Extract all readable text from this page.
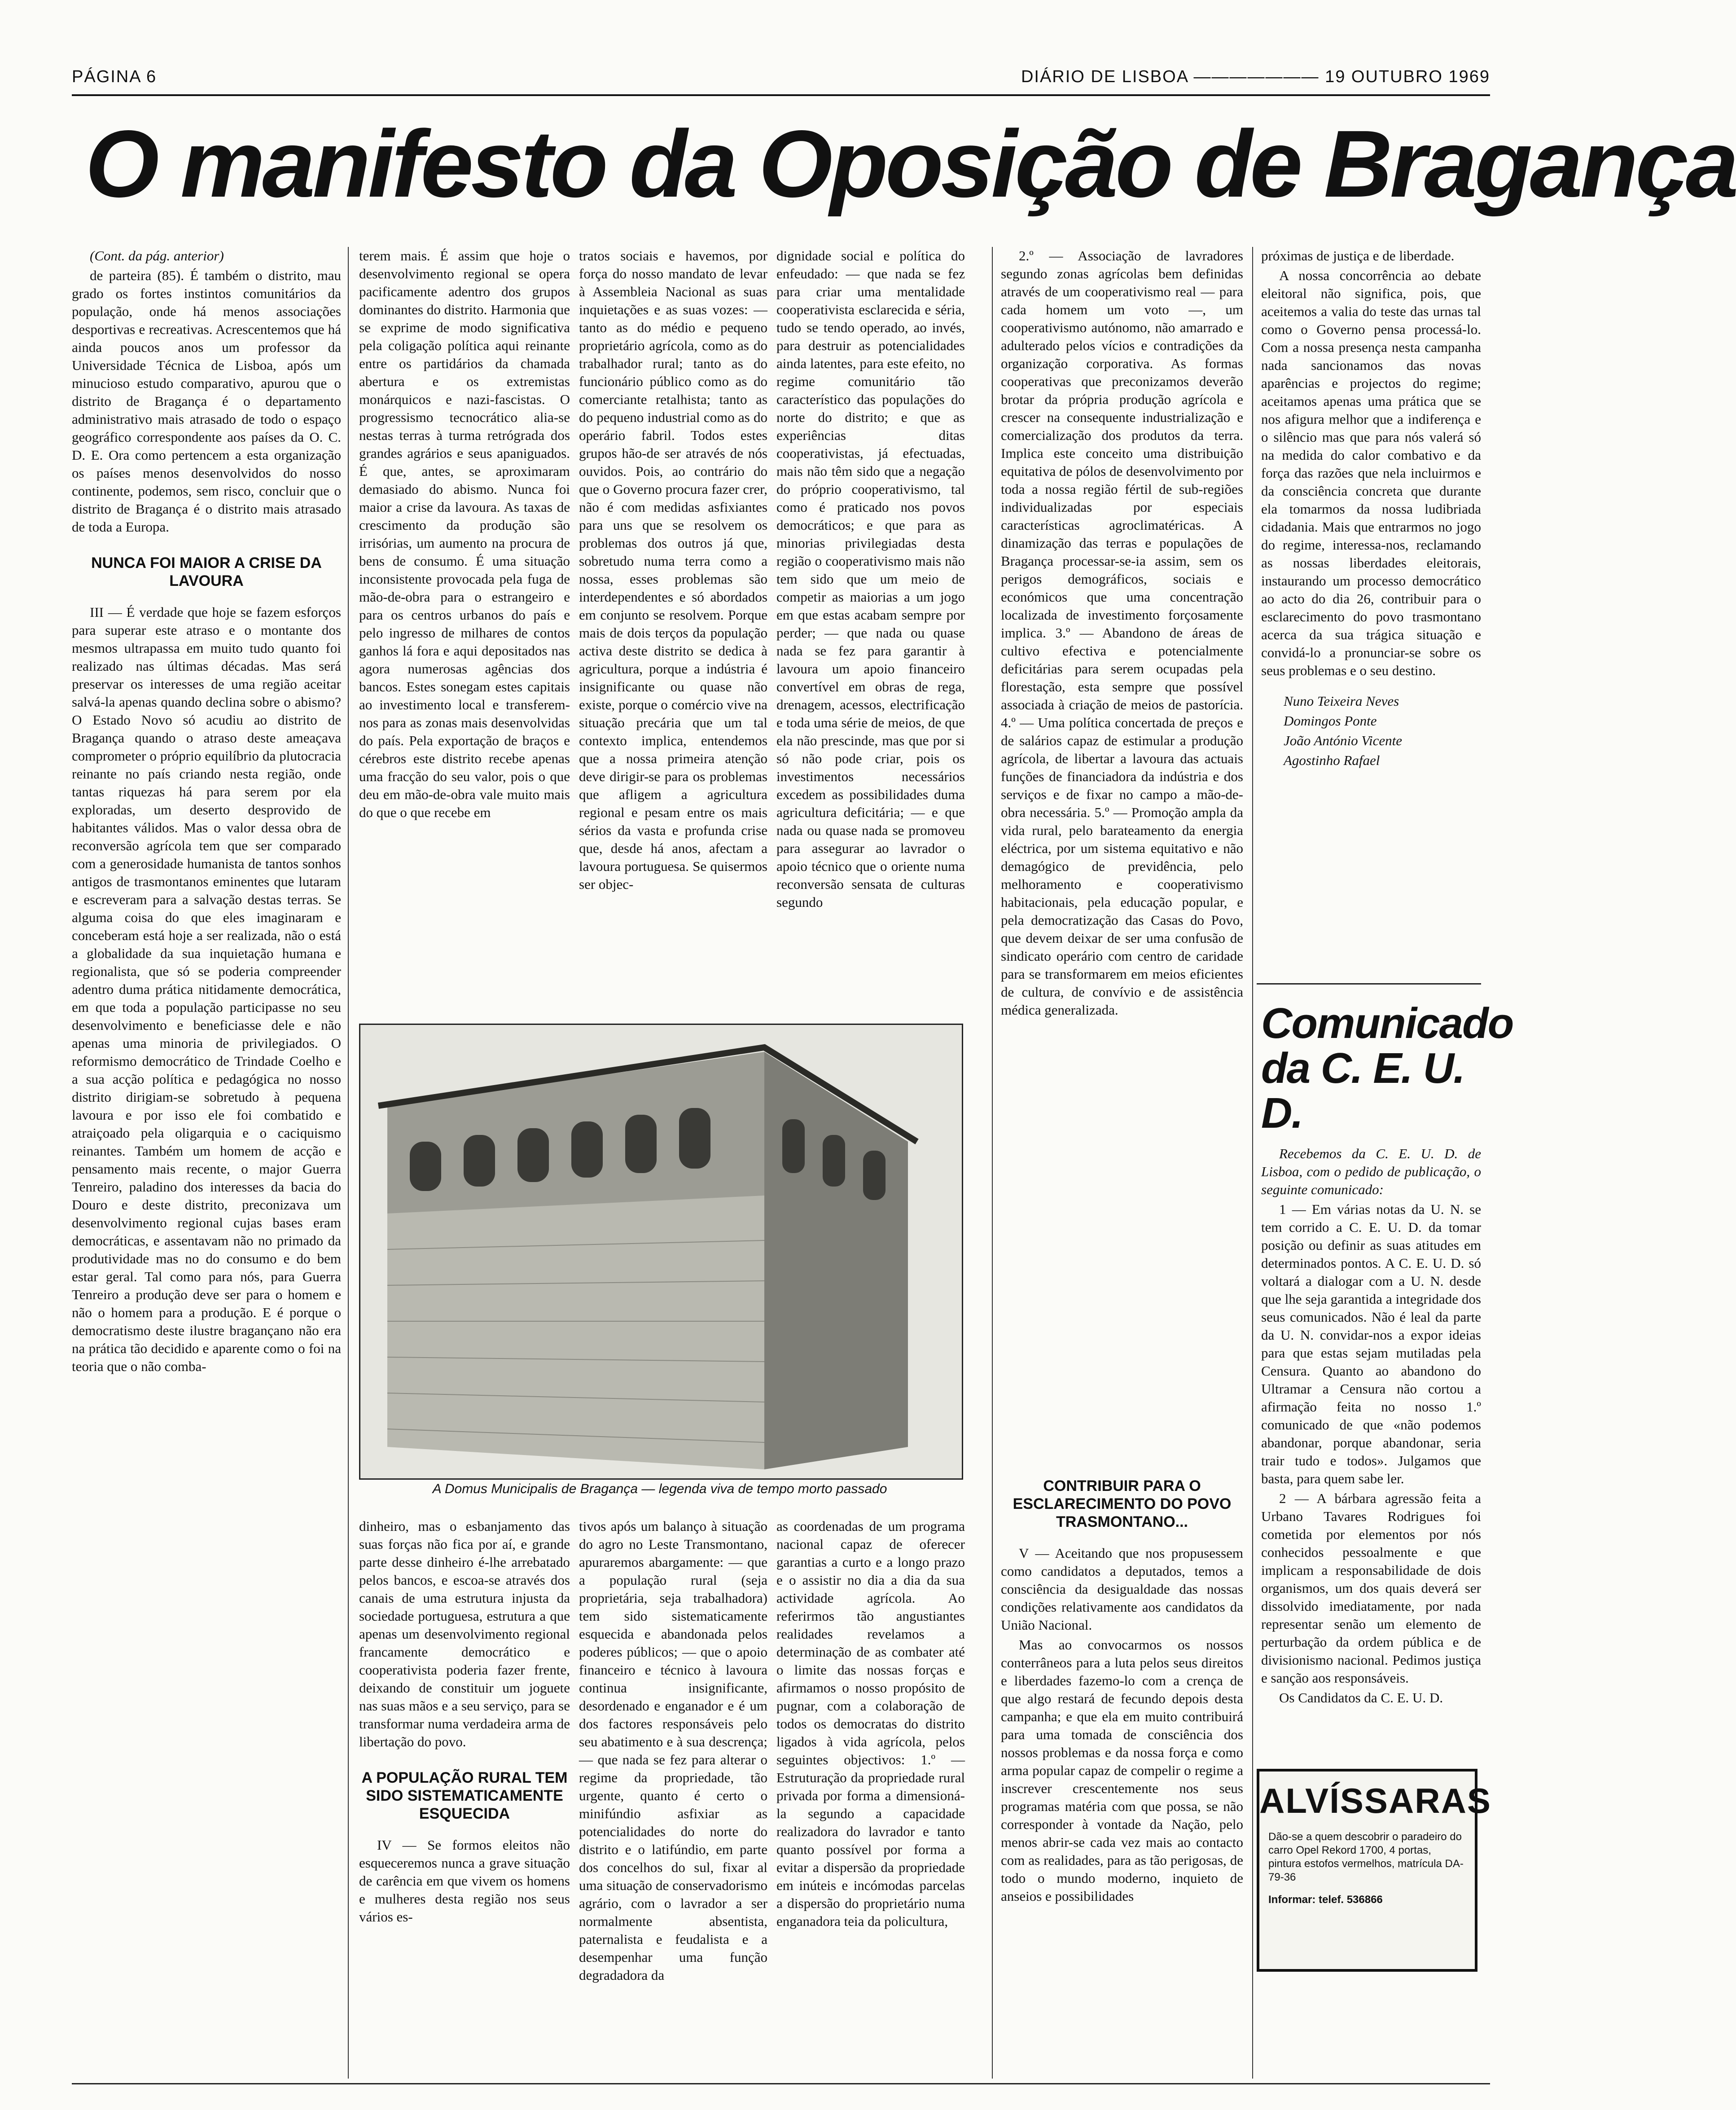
PÁGINA 6	DIÁRIO DE LISBOA ——————— 19 OUTUBRO 1969
O manifesto da Oposição de Bragança

(Cont. da pág. anterior)

de parteira (85). É também o distrito, mau grado os fortes instintos comunitários da população, onde há menos associações desportivas e recreativas. Acrescentemos que há ainda poucos anos um professor da Universidade Técnica de Lisboa, após um minucioso estudo comparativo, apurou que o distrito de Bragança é o departamento administrativo mais atrasado de todo o espaço geográfico correspondente aos países da O. C. D. E. Ora como pertencem a esta organização os países menos desenvolvidos do nosso continente, podemos, sem risco, concluir que o distrito de Bragança é o distrito mais atrasado de toda a Europa.

NUNCA FOI MAIOR A CRISE DA LAVOURA

III — É verdade que hoje se fazem esforços para superar este atraso e o montante dos mesmos ultrapassa em muito tudo quanto foi realizado nas últimas décadas. Mas será preservar os interesses de uma região aceitar salvá-la apenas quando declina sobre o abismo? O Estado Novo só acudiu ao distrito de Bragança quando o atraso deste ameaçava comprometer o próprio equilíbrio da plutocracia reinante no país criando nesta região, onde tantas riquezas há para serem por ela exploradas, um deserto desprovido de habitantes válidos. Mas o valor dessa obra de reconversão agrícola tem que ser comparado com a generosidade humanista de tantos sonhos antigos de trasmontanos eminentes que lutaram e escreveram para a salvação destas terras. Se alguma coisa do que eles imaginaram e conceberam está hoje a ser realizada, não o está a globalidade da sua inquietação humana e regionalista, que só se poderia compreender adentro duma prática nitidamente democrática, em que toda a população participasse no seu desenvolvimento e beneficiasse dele e não apenas uma minoria de privilegiados. O reformismo democrático de Trindade Coelho e a sua acção política e pedagógica no nosso distrito dirigiam-se sobretudo à pequena lavoura e por isso ele foi combatido e atraiçoado pela oligarquia e o caciquismo reinantes. Também um homem de acção e pensamento mais recente, o major Guerra Tenreiro, paladino dos interesses da bacia do Douro e deste distrito, preconizava um desenvolvimento regional cujas bases eram democráticas, e assentavam não no primado da produtividade mas no do consumo e do bem estar geral. Tal como para nós, para Guerra Tenreiro a produção deve ser para o homem e não o homem para a produção. E é porque o democratismo deste ilustre bragançano não era na prática tão decidido e aparente como o foi na teoria que o não comba-

terem mais. É assim que hoje o desenvolvimento regional se opera pacificamente adentro dos grupos dominantes do distrito. Harmonia que se exprime de modo significativa pela coligação política aqui reinante entre os partidários da chamada abertura e os extremistas monárquicos e nazi-fascistas. O progressismo tecnocrático alia-se nestas terras à turma retrógrada dos grandes agrários e seus apaniguados. É que, antes, se aproximaram demasiado do abismo. Nunca foi maior a crise da lavoura. As taxas de crescimento da produção são irrisórias, um aumento na procura de bens de consumo. É uma situação inconsistente provocada pela fuga de mão-de-obra para o estrangeiro e para os centros urbanos do país e pelo ingresso de milhares de contos ganhos lá fora e aqui depositados nas agora numerosas agências dos bancos. Estes sonegam estes capitais ao investimento local e transferem-nos para as zonas mais desenvolvidas do país. Pela exportação de braços e cérebros este distrito recebe apenas uma fracção do seu valor, pois o que deu em mão-de-obra vale muito mais do que o que recebe em

tratos sociais e havemos, por força do nosso mandato de levar à Assembleia Nacional as suas inquietações e as suas vozes: — tanto as do médio e pequeno proprietário agrícola, como as do trabalhador rural; tanto as do funcionário público como as do comerciante retalhista; tanto as do pequeno industrial como as do operário fabril. Todos estes grupos hão-de ser através de nós ouvidos. Pois, ao contrário do que o Governo procura fazer crer, não é com medidas asfixiantes para uns que se resolvem os problemas dos outros já que, sobretudo numa terra como a nossa, esses problemas são interdependentes e só abordados em conjunto se resolvem. Porque mais de dois terços da população activa deste distrito se dedica à agricultura, porque a indústria é insignificante ou quase não existe, porque o comércio vive na situação precária que um tal contexto implica, entendemos que a nossa primeira atenção deve dirigir-se para os problemas que afligem a agricultura regional e pesam entre os mais sérios da vasta e profunda crise que, desde há anos, afectam a lavoura portuguesa. Se quisermos ser objec-

dignidade social e política do enfeudado: — que nada se fez para criar uma mentalidade cooperativista esclarecida e séria, tudo se tendo operado, ao invés, para destruir as potencialidades ainda latentes, para este efeito, no regime comunitário tão característico das populações do norte do distrito; e que as experiências ditas cooperativistas, já efectuadas, mais não têm sido que a negação do próprio cooperativismo, tal como é praticado nos povos democráticos; e que para as minorias privilegiadas desta região o cooperativismo mais não tem sido que um meio de competir as maiorias a um jogo em que estas acabam sempre por perder; — que nada ou quase nada se fez para garantir à lavoura um apoio financeiro convertível em obras de rega, drenagem, acessos, electrificação e toda uma série de meios, de que ela não prescinde, mas que por si só não pode criar, pois os investimentos necessários excedem as possibilidades duma agricultura deficitária; — e que nada ou quase nada se promoveu para assegurar ao lavrador o apoio técnico que o oriente numa reconversão sensata de culturas segundo

2.º — Associação de lavradores segundo zonas agrícolas bem definidas através de um cooperativismo real — para cada homem um voto —, um cooperativismo autónomo, não amarrado e adulterado pelos vícios e contradições da organização corporativa. As formas cooperativas que preconizamos deverão brotar da própria produção agrícola e crescer na consequente industrialização e comercialização dos produtos da terra. Implica este conceito uma distribuição equitativa de pólos de desenvolvimento por toda a nossa região fértil de sub-regiões individualizadas por especiais características agroclimatéricas. A dinamização das terras e populações de Bragança processar-se-ia assim, sem os perigos demográficos, sociais e económicos que uma concentração localizada de investimento forçosamente implica. 3.º — Abandono de áreas de cultivo efectiva e potencialmente deficitárias para serem ocupadas pela florestação, esta sempre que possível associada à criação de meios de pastorícia. 4.º — Uma política concertada de preços e de salários capaz de estimular a produção agrícola, de libertar a lavoura das actuais funções de financiadora da indústria e dos serviços e de fixar no campo a mão-de-obra necessária. 5.º — Promoção ampla da vida rural, pelo barateamento da energia eléctrica, por um sistema equitativo e não demagógico de previdência, pelo melhoramento e cooperativismo habitacionais, pela educação popular, e pela democratização das Casas do Povo, que devem deixar de ser uma confusão de sindicato operário com centro de caridade para se transformarem em meios eficientes de cultura, de convívio e de assistência médica generalizada.

próximas de justiça e de liberdade.

A nossa concorrência ao debate eleitoral não significa, pois, que aceitemos a valia do teste das urnas tal como o Governo pensa processá-lo. Com a nossa presença nesta campanha nada sancionamos das novas aparências e projectos do regime; aceitamos apenas uma prática que se nos afigura melhor que a indiferença e o silêncio mas que para nós valerá só na medida do calor combativo e da força das razões que nela incluirmos e da consciência concreta que durante ela tomarmos da nossa ludibriada cidadania. Mais que entrarmos no jogo do regime, interessa-nos, reclamando as nossas liberdades eleitorais, instaurando um processo democrático ao acto do dia 26, contribuir para o esclarecimento do povo trasmontano acerca da sua trágica situação e convidá-lo a pronunciar-se sobre os seus problemas e o seu destino.

Nuno Teixeira Neves

Domingos Ponte

João António Vicente

Agostinho Rafael

Comunicado da C. E. U. D.

Recebemos da C. E. U. D. de Lisboa, com o pedido de publicação, o seguinte comunicado:

1 — Em várias notas da U. N. se tem corrido a C. E. U. D. da tomar posição ou definir as suas atitudes em determinados pontos. A C. E. U. D. só voltará a dialogar com a U. N. desde que lhe seja garantida a integridade dos seus comunicados. Não é leal da parte da U. N. convidar-nos a expor ideias para que estas sejam mutiladas pela Censura. Quanto ao abandono do Ultramar a Censura não cortou a afirmação feita no nosso 1.º comunicado de que «não podemos abandonar, porque abandonar, seria trair tudo e todos». Julgamos que basta, para quem sabe ler.

2 — A bárbara agressão feita a Urbano Tavares Rodrigues foi cometida por elementos por nós conhecidos pessoalmente e que implicam a responsabilidade de dois organismos, um dos quais deverá ser dissolvido imediatamente, por nada representar senão um elemento de perturbação da ordem pública e de divisionismo nacional. Pedimos justiça e sanção aos responsáveis.

Os Candidatos da C. E. U. D.

A Domus Municipalis de Bragança — legenda viva de tempo morto passado

dinheiro, mas o esbanjamento das suas forças não fica por aí, e grande parte desse dinheiro é-lhe arrebatado pelos bancos, e escoa-se através dos canais de uma estrutura injusta da sociedade portuguesa, estrutura a que apenas um desenvolvimento regional francamente democrático e cooperativista poderia fazer frente, deixando de constituir um joguete nas suas mãos e a seu serviço, para se transformar numa verdadeira arma de libertação do povo.

A POPULAÇÃO RURAL TEM SIDO SISTEMATICAMENTE ESQUECIDA

IV — Se formos eleitos não esqueceremos nunca a grave situação de carência em que vivem os homens e mulheres desta região nos seus vários es-

tivos após um balanço à situação do agro no Leste Transmontano, apuraremos abargamente: — que a população rural (seja proprietária, seja trabalhadora) tem sido sistematicamente esquecida e abandonada pelos poderes públicos; — que o apoio financeiro e técnico à lavoura continua insignificante, desordenado e enganador e é um dos factores responsáveis pelo seu abatimento e à sua descrença; — que nada se fez para alterar o regime da propriedade, tão urgente, quanto é certo o minifúndio asfixiar as potencialidades do norte do distrito e o latifúndio, em parte dos concelhos do sul, fixar al uma situação de conservadorismo agrário, com o lavrador a ser normalmente absentista, paternalista e feudalista e a desempenhar uma função degradadora da

as coordenadas de um programa nacional capaz de oferecer garantias a curto e a longo prazo e o assistir no dia a dia da sua actividade agrícola. Ao referirmos tão angustiantes realidades revelamos a determinação de as combater até o limite das nossas forças e afirmamos o nosso propósito de pugnar, com a colaboração de todos os democratas do distrito ligados à vida agrícola, pelos seguintes objectivos: 1.º — Estruturação da propriedade rural privada por forma a dimensioná-la segundo a capacidade realizadora do lavrador e tanto quanto possível por forma a evitar a dispersão da propriedade em inúteis e incómodas parcelas a dispersão do proprietário numa enganadora teia da policultura,

CONTRIBUIR PARA O ESCLARECIMENTO DO POVO TRASMONTANO...

V — Aceitando que nos propusessem como candidatos a deputados, temos a consciência da desigualdade das nossas condições relativamente aos candidatos da União Nacional.

Mas ao convocarmos os nossos conterrâneos para a luta pelos seus direitos e liberdades fazemo-lo com a crença de que algo restará de fecundo depois desta campanha; e que ela em muito contribuirá para uma tomada de consciência dos nossos problemas e da nossa força e como arma popular capaz de compelir o regime a inscrever crescentemente nos seus programas matéria com que possa, se não corresponder à vontade da Nação, pelo menos abrir-se cada vez mais ao contacto com as realidades, para as tão perigosas, de todo o mundo moderno, inquieto de anseios e possibilidades

ALVÍSSARAS
Dão-se a quem descobrir o paradeiro do carro Opel Rekord 1700, 4 portas, pintura estofos vermelhos, matrícula DA-79-36
Informar: telef. 536866
